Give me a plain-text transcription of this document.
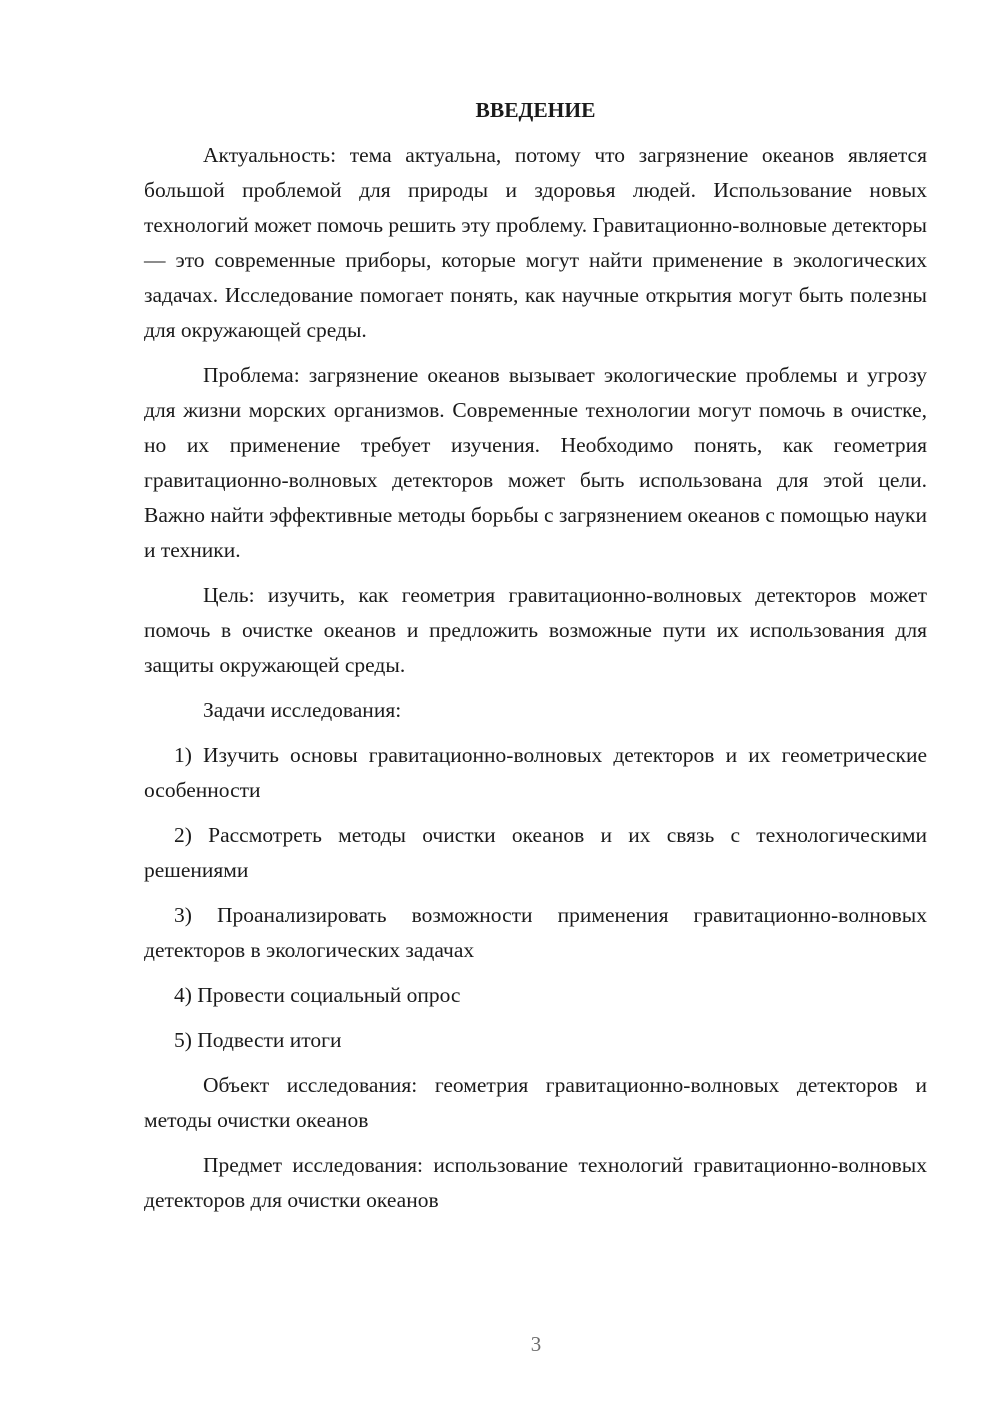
ВВЕДЕНИЕ

Актуальность: тема актуальна, потому что загрязнение океанов является большой проблемой для природы и здоровья людей. Использование новых технологий может помочь решить эту проблему. Гравитационно-волновые детекторы — это современные приборы, которые могут найти применение в экологических задачах. Исследование помогает понять, как научные открытия могут быть полезны для окружающей среды.

Проблема: загрязнение океанов вызывает экологические проблемы и угрозу для жизни морских организмов. Современные технологии могут помочь в очистке, но их применение требует изучения. Необходимо понять, как геометрия гравитационно-волновых детекторов может быть использована для этой цели. Важно найти эффективные методы борьбы с загрязнением океанов с помощью науки и техники.

Цель: изучить, как геометрия гравитационно-волновых детекторов может помочь в очистке океанов и предложить возможные пути их использования для защиты окружающей среды.

Задачи исследования:

1) Изучить основы гравитационно-волновых детекторов и их геометрические особенности

2) Рассмотреть методы очистки океанов и их связь с технологическими решениями

3) Проанализировать возможности применения гравитационно-волновых детекторов в экологических задачах

4) Провести социальный опрос

5) Подвести итоги

Объект исследования: геометрия гравитационно-волновых детекторов и методы очистки океанов

Предмет исследования: использование технологий гравитационно-волновых детекторов для очистки океанов

3
